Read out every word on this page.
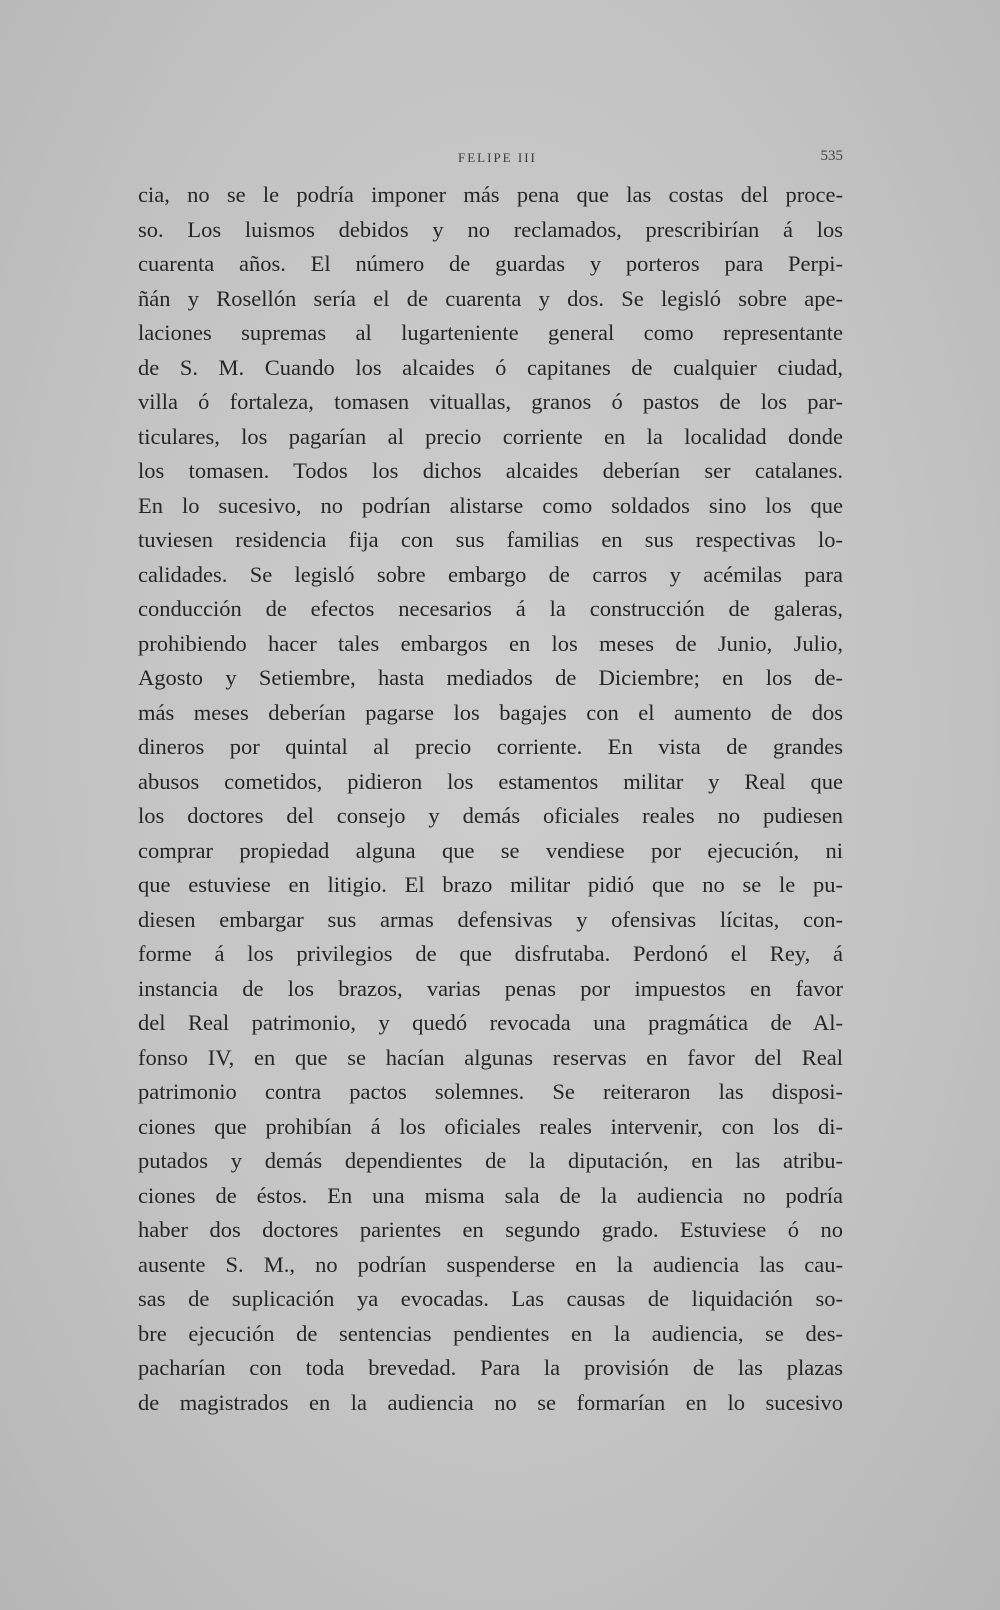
FELIPE III	535
cia, no se le podría imponer más pena que las costas del proce-
so. Los luismos debidos y no reclamados, prescribirían á los
cuarenta años. El número de guardas y porteros para Perpi-
ñán y Rosellón sería el de cuarenta y dos. Se legisló sobre ape-
laciones supremas al lugarteniente general como representante
de S. M. Cuando los alcaides ó capitanes de cualquier ciudad,
villa ó fortaleza, tomasen vituallas, granos ó pastos de los par-
ticulares, los pagarían al precio corriente en la localidad donde
los tomasen. Todos los dichos alcaides deberían ser catalanes.
En lo sucesivo, no podrían alistarse como soldados sino los que
tuviesen residencia fija con sus familias en sus respectivas lo-
calidades. Se legisló sobre embargo de carros y acémilas para
conducción de efectos necesarios á la construcción de galeras,
prohibiendo hacer tales embargos en los meses de Junio, Julio,
Agosto y Setiembre, hasta mediados de Diciembre; en los de-
más meses deberían pagarse los bagajes con el aumento de dos
dineros por quintal al precio corriente. En vista de grandes
abusos cometidos, pidieron los estamentos militar y Real que
los doctores del consejo y demás oficiales reales no pudiesen
comprar propiedad alguna que se vendiese por ejecución, ni
que estuviese en litigio. El brazo militar pidió que no se le pu-
diesen embargar sus armas defensivas y ofensivas lícitas, con-
forme á los privilegios de que disfrutaba. Perdonó el Rey, á
instancia de los brazos, varias penas por impuestos en favor
del Real patrimonio, y quedó revocada una pragmática de Al-
fonso IV, en que se hacían algunas reservas en favor del Real
patrimonio contra pactos solemnes. Se reiteraron las disposi-
ciones que prohibían á los oficiales reales intervenir, con los di-
putados y demás dependientes de la diputación, en las atribu-
ciones de éstos. En una misma sala de la audiencia no podría
haber dos doctores parientes en segundo grado. Estuviese ó no
ausente S. M., no podrían suspenderse en la audiencia las cau-
sas de suplicación ya evocadas. Las causas de liquidación so-
bre ejecución de sentencias pendientes en la audiencia, se des-
pacharían con toda brevedad. Para la provisión de las plazas
de magistrados en la audiencia no se formarían en lo sucesivo
